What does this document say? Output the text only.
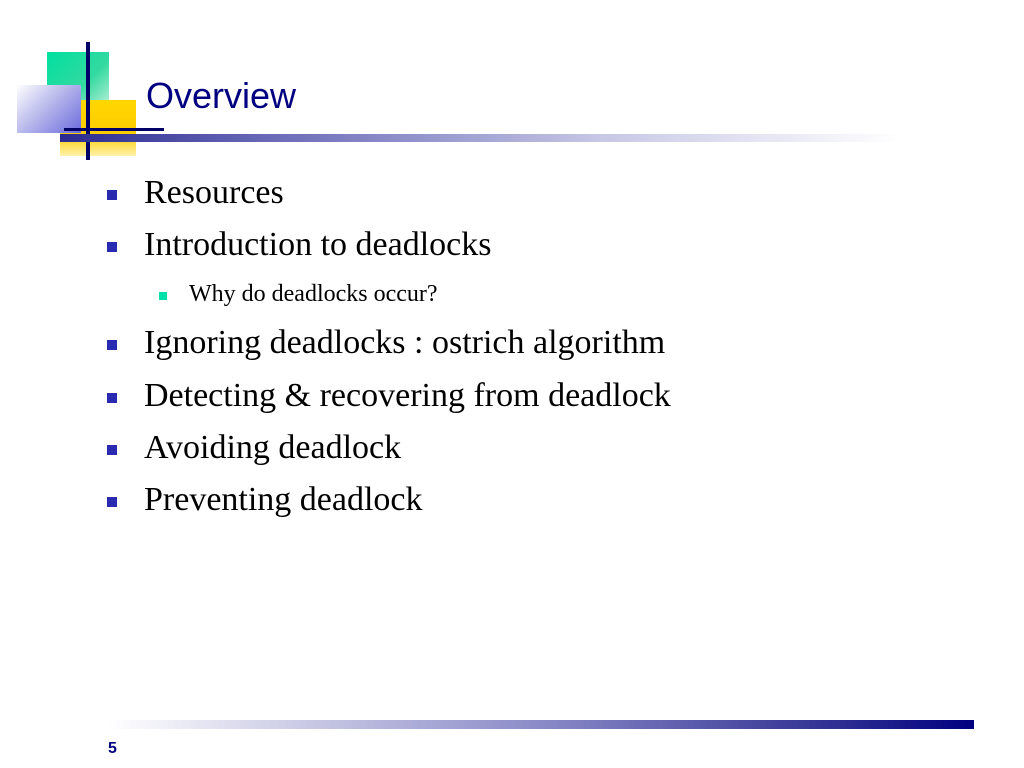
Overview
Resources
Introduction to deadlocks
Why do deadlocks occur?
Ignoring deadlocks : ostrich algorithm
Detecting & recovering from deadlock
Avoiding deadlock
Preventing deadlock
5
